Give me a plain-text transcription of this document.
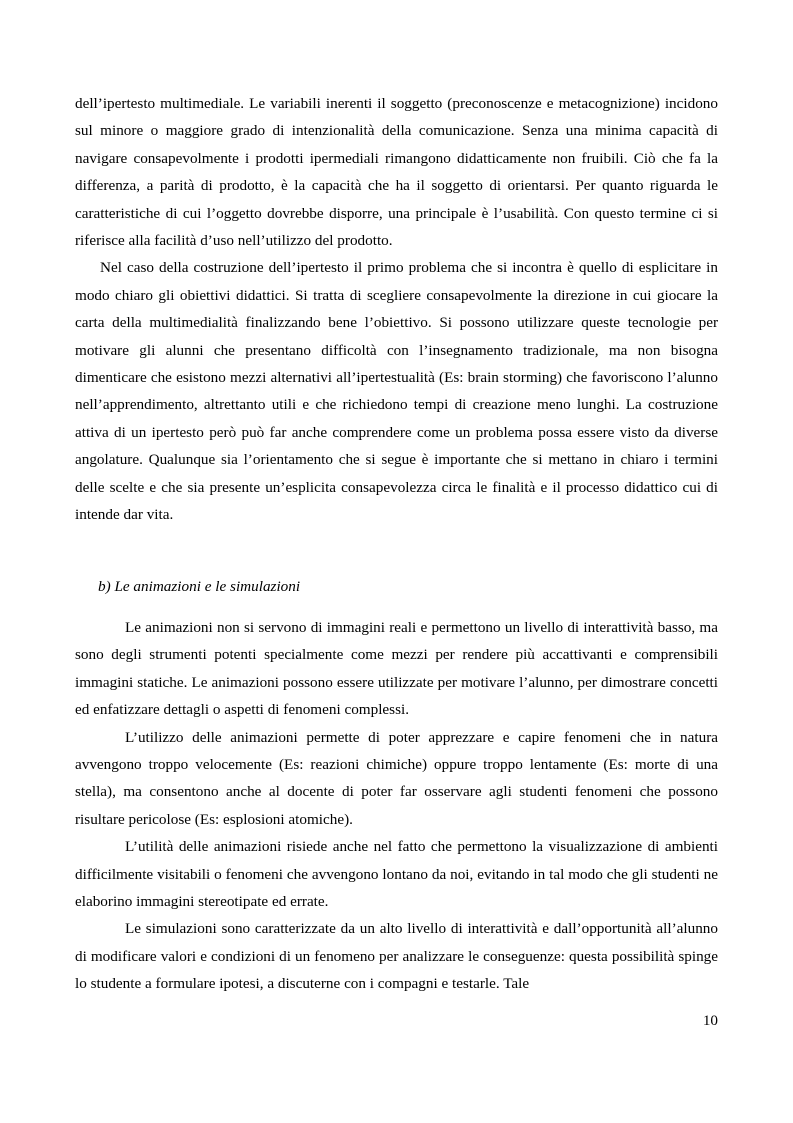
dell’ipertesto multimediale. Le variabili inerenti il soggetto (preconoscenze e metacognizione) incidono sul minore o maggiore grado di intenzionalità della comunicazione. Senza una minima capacità di navigare consapevolmente i prodotti ipermediali rimangono didatticamente non fruibili. Ciò che fa la differenza, a parità di prodotto, è la capacità che ha il soggetto di orientarsi. Per quanto riguarda le caratteristiche di cui l’oggetto dovrebbe disporre, una principale è l’usabilità. Con questo termine ci si riferisce alla facilità d’uso nell’utilizzo del prodotto.

Nel caso della costruzione dell’ipertesto il primo problema che si incontra è quello di esplicitare in modo chiaro gli obiettivi didattici. Si tratta di scegliere consapevolmente la direzione in cui giocare la carta della multimedialità finalizzando bene l’obiettivo. Si possono utilizzare queste tecnologie per motivare gli alunni che presentano difficoltà con l’insegnamento tradizionale, ma non bisogna dimenticare che esistono mezzi alternativi all’ipertestualità (Es: brain storming) che favoriscono l’alunno nell’apprendimento, altrettanto utili e che richiedono tempi di creazione meno lunghi. La costruzione attiva di un ipertesto però può far anche comprendere come un problema possa essere visto da diverse angolature. Qualunque sia l’orientamento che si segue è importante che si mettano in chiaro i termini delle scelte e che sia presente un’esplicita consapevolezza circa le finalità e il processo didattico cui di intende dar vita.

b) Le animazioni e le simulazioni

Le animazioni non si servono di immagini reali e permettono un livello di interattività basso, ma sono degli strumenti potenti specialmente come mezzi per rendere più accattivanti e comprensibili immagini statiche. Le animazioni possono essere utilizzate per motivare l’alunno, per dimostrare concetti ed enfatizzare dettagli o aspetti di fenomeni complessi.

L’utilizzo delle animazioni permette di poter apprezzare e capire fenomeni che in natura avvengono troppo velocemente (Es: reazioni chimiche) oppure troppo lentamente (Es: morte di una stella), ma consentono anche al docente di poter far osservare agli studenti fenomeni che possono risultare pericolose (Es: esplosioni atomiche).

L’utilità delle animazioni risiede anche nel fatto che permettono la visualizzazione di ambienti difficilmente visitabili o fenomeni che avvengono lontano da noi, evitando in tal modo che gli studenti ne elaborino immagini stereotipate ed errate.

Le simulazioni sono caratterizzate da un alto livello di interattività e dall’opportunità all’alunno di modificare valori e condizioni di un fenomeno per analizzare le conseguenze: questa possibilità spinge lo studente a formulare ipotesi, a discuterne con i compagni e testarle. Tale

10
